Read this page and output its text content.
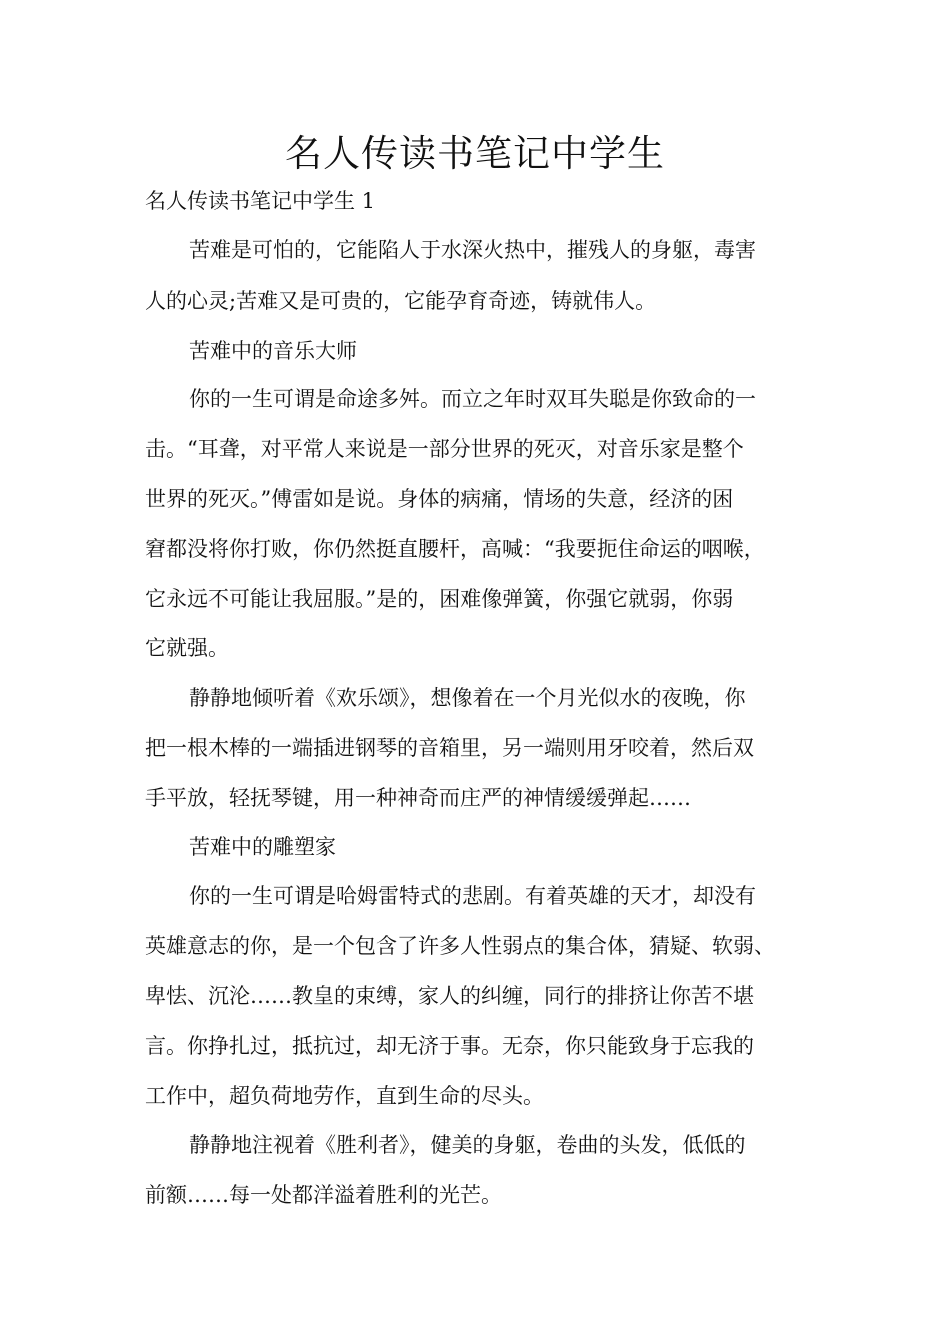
名人传读书笔记中学生
名人传读书笔记中学生 1
苦难是可怕的，它能陷人于水深火热中，摧残人的身躯，毒害
人的心灵;苦难又是可贵的，它能孕育奇迹，铸就伟人。
苦难中的音乐大师
你的一生可谓是命途多舛。而立之年时双耳失聪是你致命的一
击。“耳聋，对平常人来说是一部分世界的死灭，对音乐家是整个
世界的死灭。”傅雷如是说。身体的病痛，情场的失意，经济的困
窘都没将你打败，你仍然挺直腰杆，高喊：“我要扼住命运的咽喉，
它永远不可能让我屈服。”是的，困难像弹簧，你强它就弱，你弱
它就强。
静静地倾听着《欢乐颂》，想像着在一个月光似水的夜晚，你
把一根木棒的一端插进钢琴的音箱里，另一端则用牙咬着，然后双
手平放，轻抚琴键，用一种神奇而庄严的神情缓缓弹起……
苦难中的雕塑家
你的一生可谓是哈姆雷特式的悲剧。有着英雄的天才，却没有
英雄意志的你，是一个包含了许多人性弱点的集合体，猜疑、软弱、
卑怯、沉沦……教皇的束缚，家人的纠缠，同行的排挤让你苦不堪
言。你挣扎过，抵抗过，却无济于事。无奈，你只能致身于忘我的
工作中，超负荷地劳作，直到生命的尽头。
静静地注视着《胜利者》，健美的身躯，卷曲的头发，低低的
前额……每一处都洋溢着胜利的光芒。
